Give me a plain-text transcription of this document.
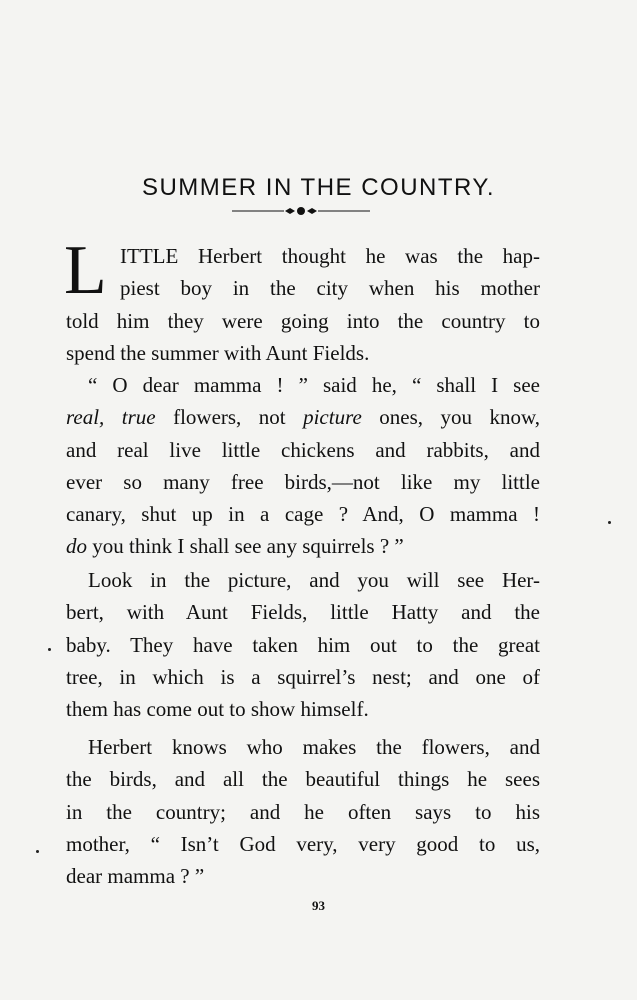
SUMMER IN THE COUNTRY.
L ITTLE Herbert thought he was the hap-
piest boy in the city when his mother
told him they were going into the country to
spend the summer with Aunt Fields.
“ O dear mamma ! ” said he, “ shall I see
real, true flowers, not picture ones, you know,
and real live little chickens and rabbits, and
ever so many free birds,—not like my little
canary, shut up in a cage ? And, O mamma !
do you think I shall see any squirrels ? ”
Look in the picture, and you will see Her-
bert, with Aunt Fields, little Hatty and the
baby. They have taken him out to the great
tree, in which is a squirrel’s nest; and one of
them has come out to show himself.
Herbert knows who makes the flowers, and
the birds, and all the beautiful things he sees
in the country; and he often says to his
mother, “ Isn’t God very, very good to us,
dear mamma ? ”
93
